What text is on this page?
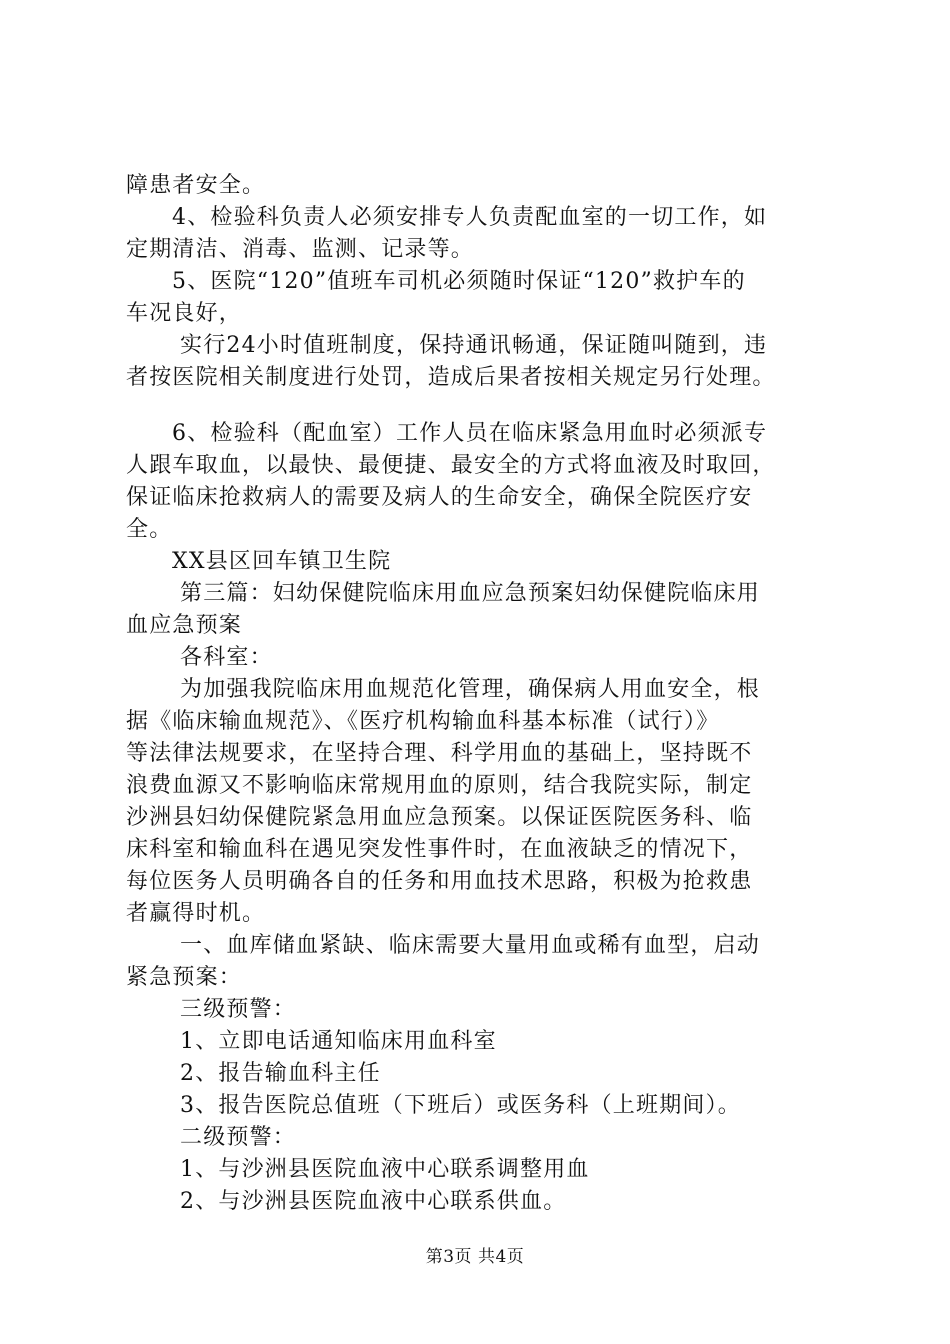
障患者安全。
4、检验科负责人必须安排专人负责配血室的一切工作，如
定期清洁、消毒、监测、记录等。
5、医院“120”值班车司机必须随时保证“120”救护车的
车况良好，
实行24小时值班制度，保持通讯畅通，保证随叫随到，违
者按医院相关制度进行处罚，造成后果者按相关规定另行处理。
6、检验科（配血室）工作人员在临床紧急用血时必须派专
人跟车取血，以最快、最便捷、最安全的方式将血液及时取回，
保证临床抢救病人的需要及病人的生命安全，确保全院医疗安
全。
XX县区回车镇卫生院
第三篇：妇幼保健院临床用血应急预案妇幼保健院临床用
血应急预案
各科室：
为加强我院临床用血规范化管理，确保病人用血安全，根
据《临床输血规范》、《医疗机构输血科基本标准（试行）》
等法律法规要求，在坚持合理、科学用血的基础上，坚持既不
浪费血源又不影响临床常规用血的原则，结合我院实际，制定
沙洲县妇幼保健院紧急用血应急预案。以保证医院医务科、临
床科室和输血科在遇见突发性事件时，在血液缺乏的情况下，
每位医务人员明确各自的任务和用血技术思路，积极为抢救患
者赢得时机。
一、血库储血紧缺、临床需要大量用血或稀有血型，启动
紧急预案：
三级预警：
1、立即电话通知临床用血科室
2、报告输血科主任
3、报告医院总值班（下班后）或医务科（上班期间）。
二级预警：
1、与沙洲县医院血液中心联系调整用血
2、与沙洲县医院血液中心联系供血。
第3页 共4页
